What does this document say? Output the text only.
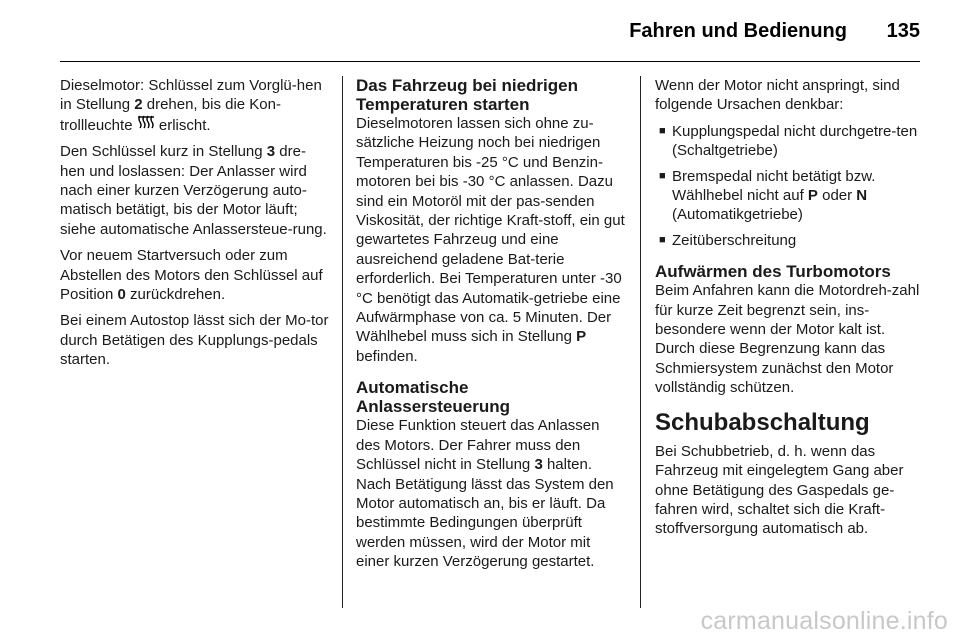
Fahren und Bedienung 135

Dieselmotor: Schlüssel zum Vorglü-hen in Stellung 2 drehen, bis die Kon-trollleuchte  erlischt.

Den Schlüssel kurz in Stellung 3 dre-hen und loslassen: Der Anlasser wird nach einer kurzen Verzögerung auto-matisch betätigt, bis der Motor läuft; siehe automatische Anlassersteue-rung.

Vor neuem Startversuch oder zum Abstellen des Motors den Schlüssel auf Position 0 zurückdrehen.

Bei einem Autostop lässt sich der Mo-tor durch Betätigen des Kupplungs-pedals starten.

Das Fahrzeug bei niedrigen Temperaturen starten

Dieselmotoren lassen sich ohne zu-sätzliche Heizung noch bei niedrigen Temperaturen bis -25 °C und Benzin-motoren bei bis -30 °C anlassen. Dazu sind ein Motoröl mit der pas-senden Viskosität, der richtige Kraft-stoff, ein gut gewartetes Fahrzeug und eine ausreichend geladene Bat-terie erforderlich. Bei Temperaturen unter -30 °C benötigt das Automatik-getriebe eine Aufwärmphase von ca. 5 Minuten. Der Wählhebel muss sich in Stellung P befinden.

Automatische
Anlassersteuerung

Diese Funktion steuert das Anlassen des Motors. Der Fahrer muss den Schlüssel nicht in Stellung 3 halten. Nach Betätigung lässt das System den Motor automatisch an, bis er läuft. Da bestimmte Bedingungen überprüft werden müssen, wird der Motor mit einer kurzen Verzögerung gestartet.

Wenn der Motor nicht anspringt, sind folgende Ursachen denkbar:

■ Kupplungspedal nicht durchgetre-ten (Schaltgetriebe)
■ Bremspedal nicht betätigt bzw. Wählhebel nicht auf P oder N
(Automatikgetriebe)
■ Zeitüberschreitung
Aufwärmen des Turbomotors

Beim Anfahren kann die Motordreh-zahl für kurze Zeit begrenzt sein, ins-besondere wenn der Motor kalt ist. Durch diese Begrenzung kann das Schmiersystem zunächst den Motor vollständig schützen.

Schubabschaltung

Bei Schubbetrieb, d. h. wenn das Fahrzeug mit eingelegtem Gang aber ohne Betätigung des Gaspedals ge-fahren wird, schaltet sich die Kraft-stoffversorgung automatisch ab.

carmanualsonline.info
